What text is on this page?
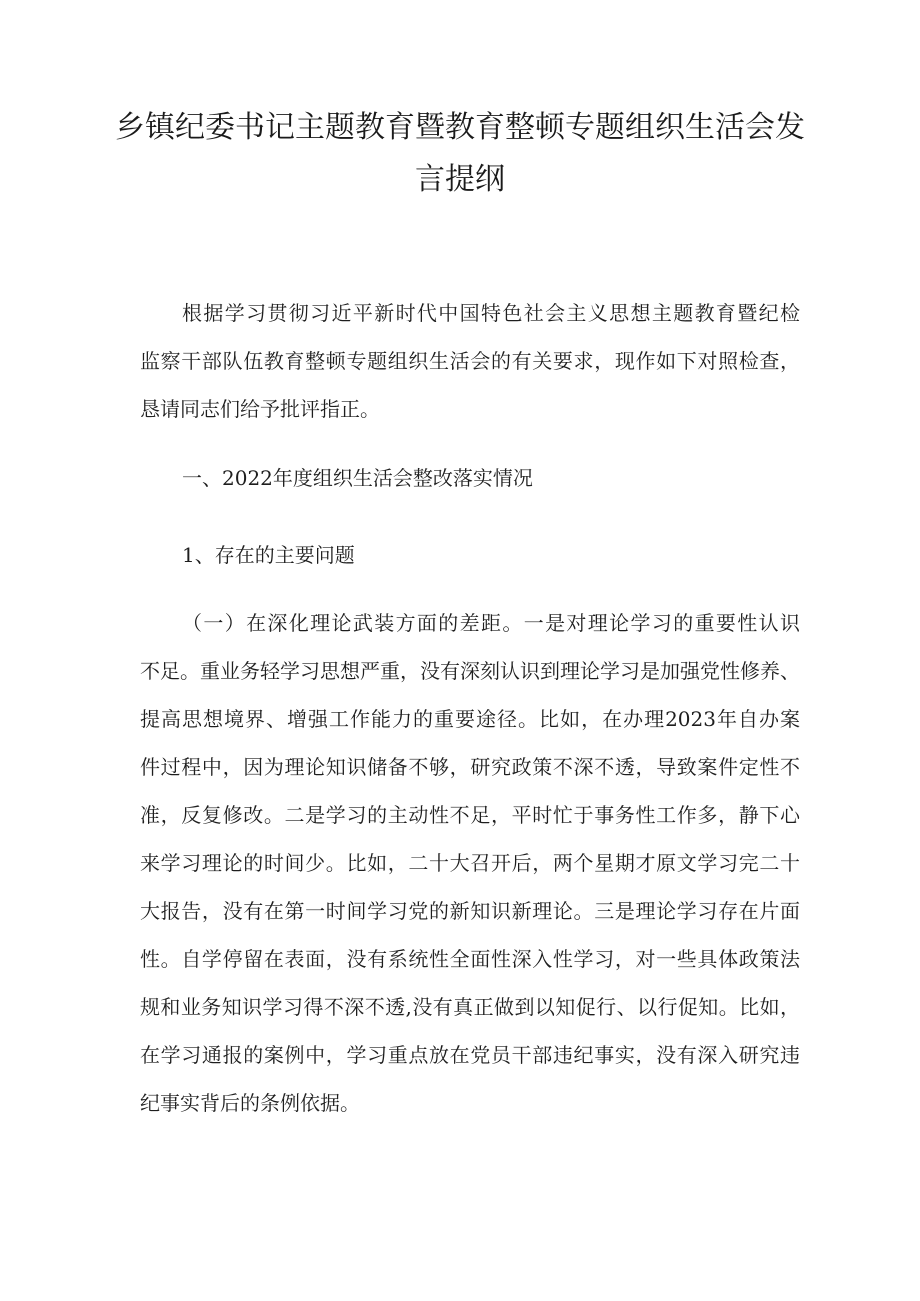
乡镇纪委书记主题教育暨教育整顿专题组织生活会发
言提纲
根据学习贯彻习近平新时代中国特色社会主义思想主题教育暨纪检
监察干部队伍教育整顿专题组织生活会的有关要求，现作如下对照检查，
恳请同志们给予批评指正。
一、2022年度组织生活会整改落实情况
1、存在的主要问题
（一）在深化理论武装方面的差距。一是对理论学习的重要性认识
不足。重业务轻学习思想严重，没有深刻认识到理论学习是加强党性修养、
提高思想境界、增强工作能力的重要途径。比如，在办理2023年自办案
件过程中，因为理论知识储备不够，研究政策不深不透，导致案件定性不
准，反复修改。二是学习的主动性不足，平时忙于事务性工作多，静下心
来学习理论的时间少。比如，二十大召开后，两个星期才原文学习完二十
大报告，没有在第一时间学习党的新知识新理论。三是理论学习存在片面
性。自学停留在表面，没有系统性全面性深入性学习，对一些具体政策法
规和业务知识学习得不深不透,没有真正做到以知促行、以行促知。比如，
在学习通报的案例中，学习重点放在党员干部违纪事实，没有深入研究违
纪事实背后的条例依据。
